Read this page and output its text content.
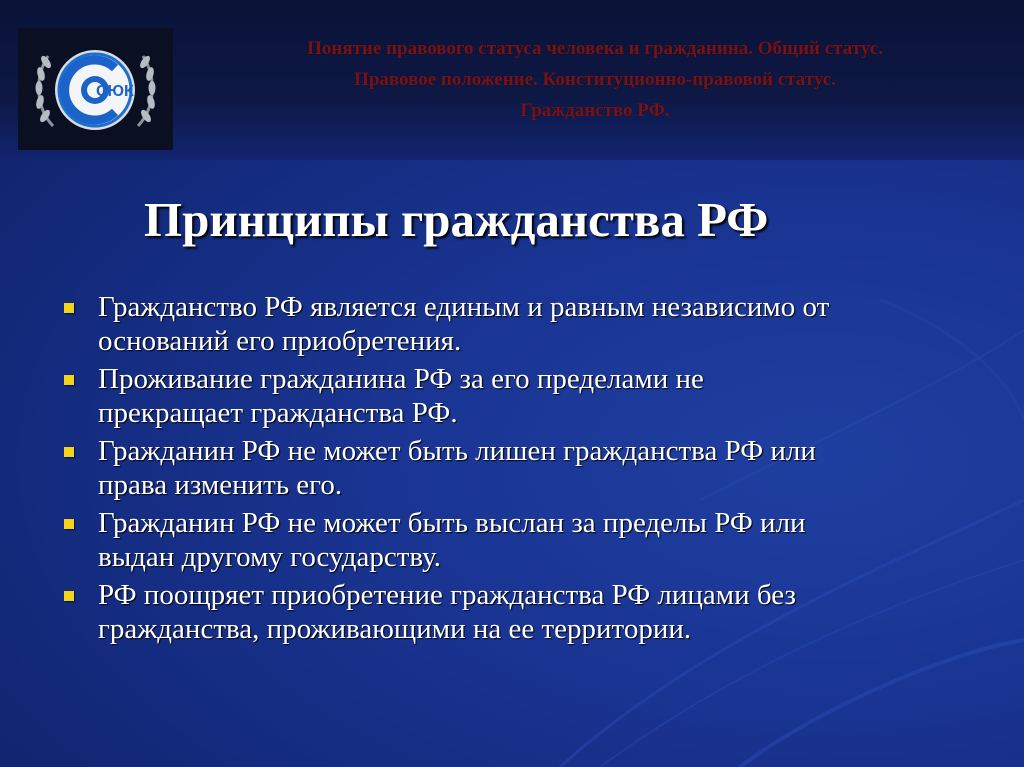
СЮК
Понятие правового статуса человека и гражданина. Общий статус.
Правовое положение. Конституционно-правовой статус.
Гражданство РФ.
Принципы гражданства РФ
Гражданство РФ является единым и равным независимо от
оснований его приобретения.
Проживание гражданина РФ за его пределами не
прекращает гражданства РФ.
Гражданин РФ не может быть лишен гражданства РФ или
права изменить его.
Гражданин РФ не может быть выслан за пределы РФ или
выдан другому государству.
РФ поощряет приобретение гражданства РФ лицами без
гражданства, проживающими на ее территории.
